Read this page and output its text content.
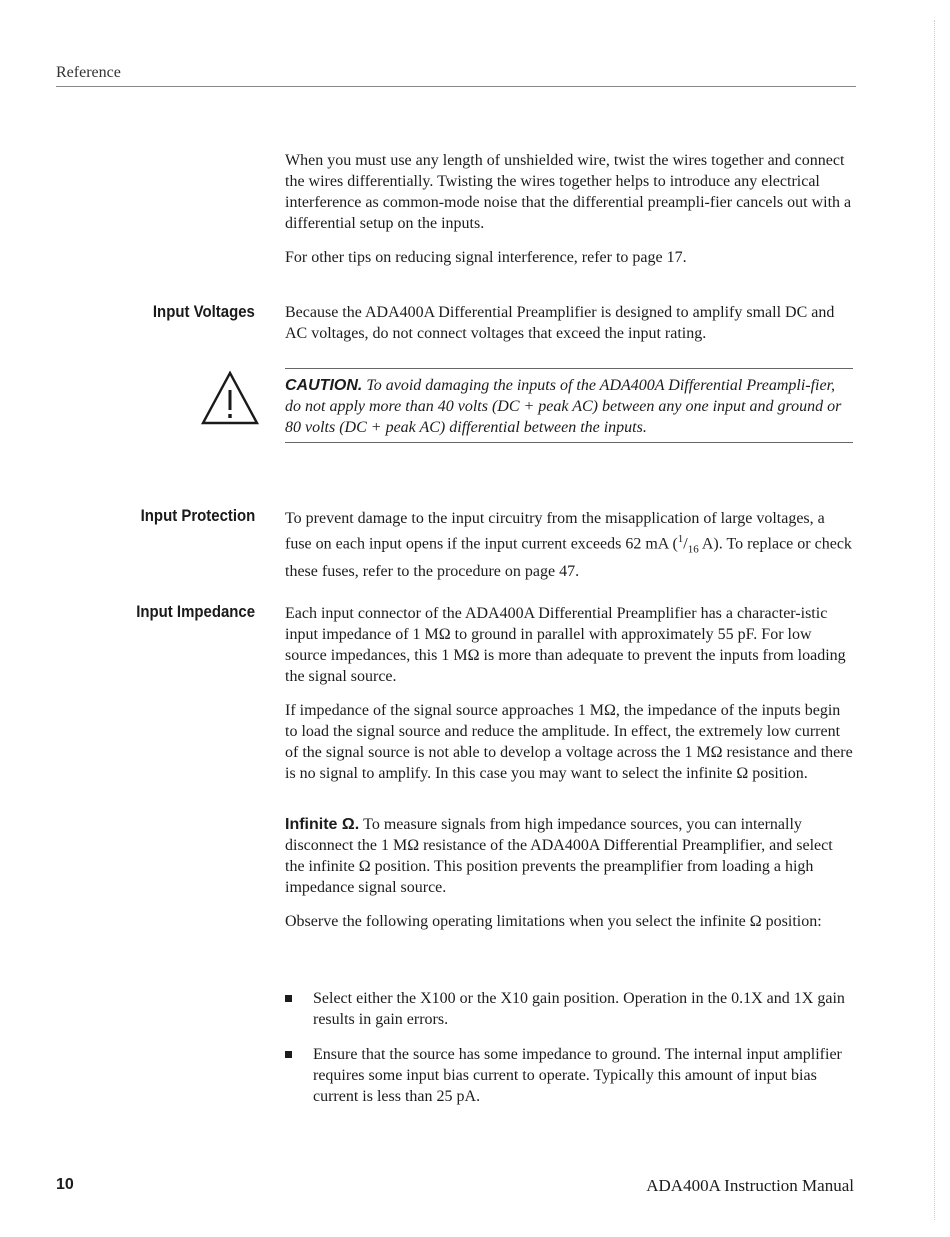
Reference

When you must use any length of unshielded wire, twist the wires together and connect the wires differentially. Twisting the wires together helps to introduce any electrical interference as common-mode noise that the differential preampli-fier cancels out with a differential setup on the inputs.

For other tips on reducing signal interference, refer to page 17.

Input Voltages Because the ADA400A Differential Preamplifier is designed to amplify small DC and AC voltages, do not connect voltages that exceed the input rating.

CAUTION. To avoid damaging the inputs of the ADA400A Differential Preampli-fier, do not apply more than 40 volts (DC + peak AC) between any one input and ground or 80 volts (DC + peak AC) differential between the inputs.

Input Protection To prevent damage to the input circuitry from the misapplication of large voltages, a fuse on each input opens if the input current exceeds 62 mA ($^1/_{16}$ A). To replace or check these fuses, refer to the procedure on page 47.

Input Impedance Each input connector of the ADA400A Differential Preamplifier has a character-istic input impedance of 1 MΩ to ground in parallel with approximately 55 pF. For low source impedances, this 1 MΩ is more than adequate to prevent the inputs from loading the signal source.

If impedance of the signal source approaches 1 MΩ, the impedance of the inputs begin to load the signal source and reduce the amplitude. In effect, the extremely low current of the signal source is not able to develop a voltage across the 1 MΩ resistance and there is no signal to amplify. In this case you may want to select the infinite Ω position.

Infinite Ω. To measure signals from high impedance sources, you can internally disconnect the 1 MΩ resistance of the ADA400A Differential Preamplifier, and select the infinite Ω position. This position prevents the preamplifier from loading a high impedance signal source.

Observe the following operating limitations when you select the infinite Ω position:

Select either the X100 or the X10 gain position. Operation in the 0.1X and 1X gain results in gain errors.
Ensure that the source has some impedance to ground. The internal input amplifier requires some input bias current to operate. Typically this amount of input bias current is less than 25 pA.
10	ADA400A Instruction Manual
